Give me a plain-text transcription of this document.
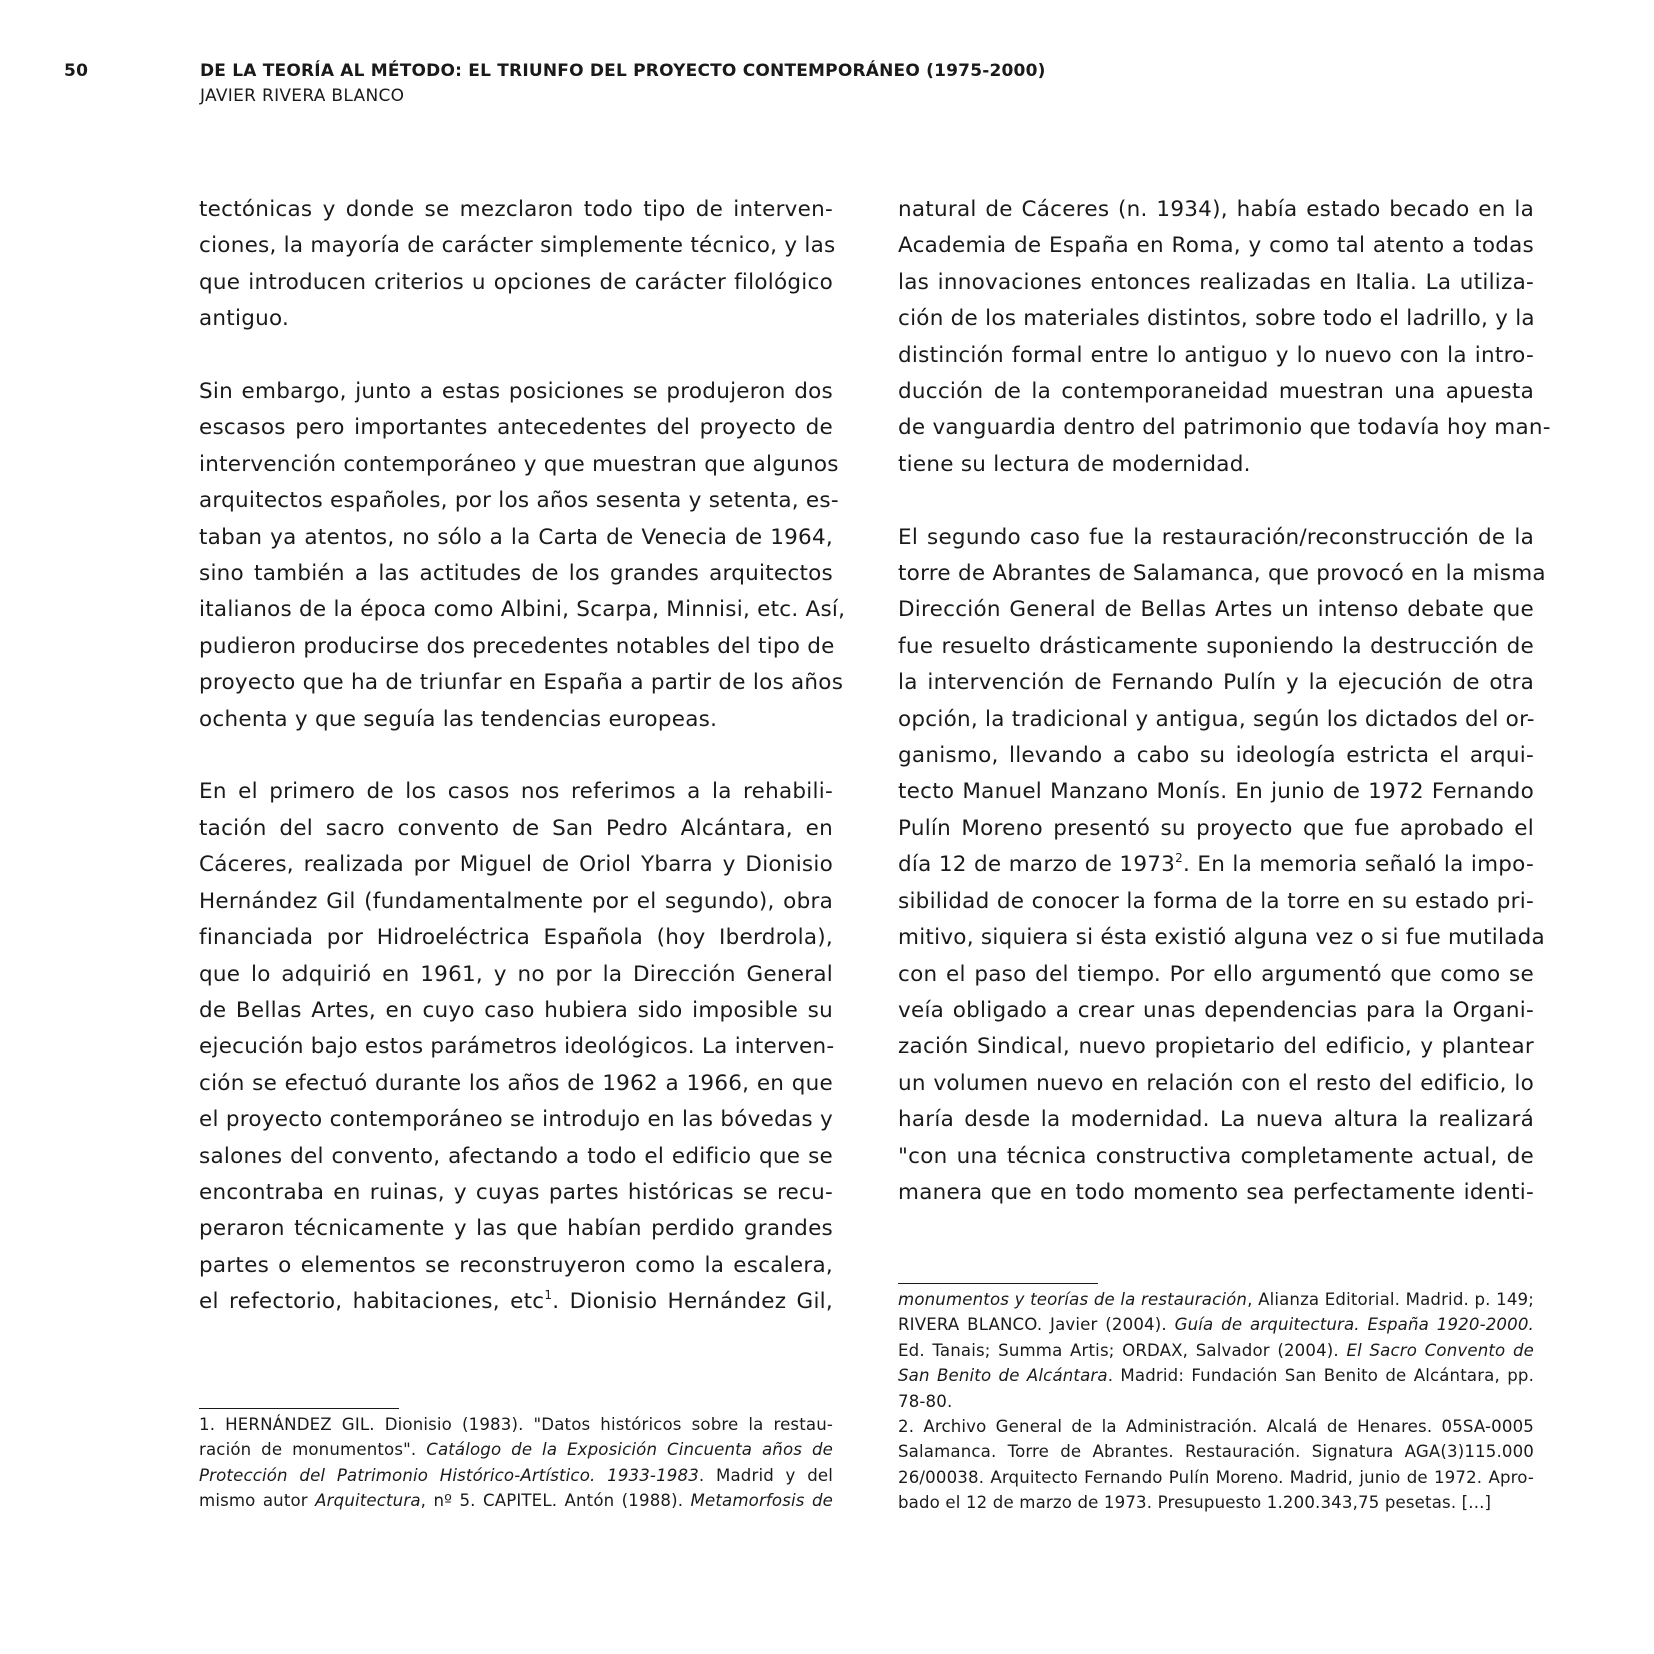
50	DE LA TEORÍA AL MÉTODO: EL TRIUNFO DEL PROYECTO CONTEMPORÁNEO (1975-2000)
JAVIER RIVERA BLANCO
tectónicas y donde se mezclaron todo tipo de interven-
ciones, la mayoría de carácter simplemente técnico, y las
que introducen criterios u opciones de carácter filológico
antiguo.
Sin embargo, junto a estas posiciones se produjeron dos
escasos pero importantes antecedentes del proyecto de
intervención contemporáneo y que muestran que algunos
arquitectos españoles, por los años sesenta y setenta, es-
taban ya atentos, no sólo a la Carta de Venecia de 1964,
sino también a las actitudes de los grandes arquitectos
italianos de la época como Albini, Scarpa, Minnisi, etc. Así,
pudieron producirse dos precedentes notables del tipo de
proyecto que ha de triunfar en España a partir de los años
ochenta y que seguía las tendencias europeas.
En el primero de los casos nos referimos a la rehabili-
tación del sacro convento de San Pedro Alcántara, en
Cáceres, realizada por Miguel de Oriol Ybarra y Dionisio
Hernández Gil (fundamentalmente por el segundo), obra
financiada por Hidroeléctrica Española (hoy Iberdrola),
que lo adquirió en 1961, y no por la Dirección General
de Bellas Artes, en cuyo caso hubiera sido imposible su
ejecución bajo estos parámetros ideológicos. La interven-
ción se efectuó durante los años de 1962 a 1966, en que
el proyecto contemporáneo se introdujo en las bóvedas y
salones del convento, afectando a todo el edificio que se
encontraba en ruinas, y cuyas partes históricas se recu-
peraron técnicamente y las que habían perdido grandes
partes o elementos se reconstruyeron como la escalera,
el refectorio, habitaciones, etc$^1$. Dionisio Hernández Gil,
natural de Cáceres (n. 1934), había estado becado en la
Academia de España en Roma, y como tal atento a todas
las innovaciones entonces realizadas en Italia. La utiliza-
ción de los materiales distintos, sobre todo el ladrillo, y la
distinción formal entre lo antiguo y lo nuevo con la intro-
ducción de la contemporaneidad muestran una apuesta
de vanguardia dentro del patrimonio que todavía hoy man-
tiene su lectura de modernidad.
El segundo caso fue la restauración/reconstrucción de la
torre de Abrantes de Salamanca, que provocó en la misma
Dirección General de Bellas Artes un intenso debate que
fue resuelto drásticamente suponiendo la destrucción de
la intervención de Fernando Pulín y la ejecución de otra
opción, la tradicional y antigua, según los dictados del or-
ganismo, llevando a cabo su ideología estricta el arqui-
tecto Manuel Manzano Monís. En junio de 1972 Fernando
Pulín Moreno presentó su proyecto que fue aprobado el
día 12 de marzo de 1973$^2$. En la memoria señaló la impo-
sibilidad de conocer la forma de la torre en su estado pri-
mitivo, siquiera si ésta existió alguna vez o si fue mutilada
con el paso del tiempo. Por ello argumentó que como se
veía obligado a crear unas dependencias para la Organi-
zación Sindical, nuevo propietario del edificio, y plantear
un volumen nuevo en relación con el resto del edificio, lo
haría desde la modernidad. La nueva altura la realizará
"con una técnica constructiva completamente actual, de
manera que en todo momento sea perfectamente identi-
1. HERNÁNDEZ GIL. Dionisio (1983). "Datos históricos sobre la restau-
ración de monumentos". Catálogo de la Exposición Cincuenta años de
Protección del Patrimonio Histórico-Artístico. 1933-1983. Madrid y del
mismo autor Arquitectura, nº 5. CAPITEL. Antón (1988). Metamorfosis de
monumentos y teorías de la restauración, Alianza Editorial. Madrid. p. 149;
RIVERA BLANCO. Javier (2004). Guía de arquitectura. España 1920-2000.
Ed. Tanais; Summa Artis; ORDAX, Salvador (2004). El Sacro Convento de
San Benito de Alcántara. Madrid: Fundación San Benito de Alcántara, pp.
78-80.
2. Archivo General de la Administración. Alcalá de Henares. 05SA-0005
Salamanca. Torre de Abrantes. Restauración. Signatura AGA(3)115.000
26/00038. Arquitecto Fernando Pulín Moreno. Madrid, junio de 1972. Apro-
bado el 12 de marzo de 1973. Presupuesto 1.200.343,75 pesetas. [...]
